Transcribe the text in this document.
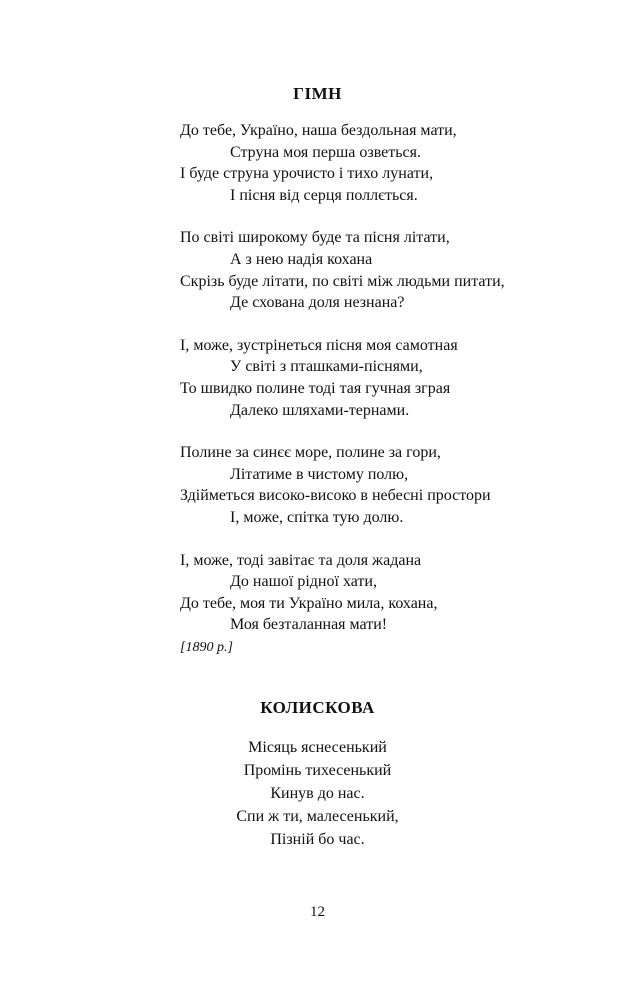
ГІМН
До тебе, Україно, наша бездольная мати,
Струна моя перша озветься.
І буде струна урочисто і тихо лунати,
І пісня від серця поллється.
По світі широкому буде та пісня літати,
А з нею надія кохана
Скрізь буде літати, по світі між людьми питати,
Де схована доля незнана?
І, може, зустрінеться пісня моя самотная
У світі з пташками-піснями,
То швидко полине тоді тая гучная зграя
Далеко шляхами-тернами.
Полине за синєє море, полине за гори,
Літатиме в чистому полю,
Здійметься високо-високо в небесні простори
І, може, спітка тую долю.
І, може, тоді завітає та доля жадана
До нашої рідної хати,
До тебе, моя ти Україно мила, кохана,
Моя безталанная мати!
[1890 р.]
КОЛИСКОВА
Місяць яснесенький
Промінь тихесенький
Кинув до нас.
Спи ж ти, малесенький,
Пізній бо час.
12
